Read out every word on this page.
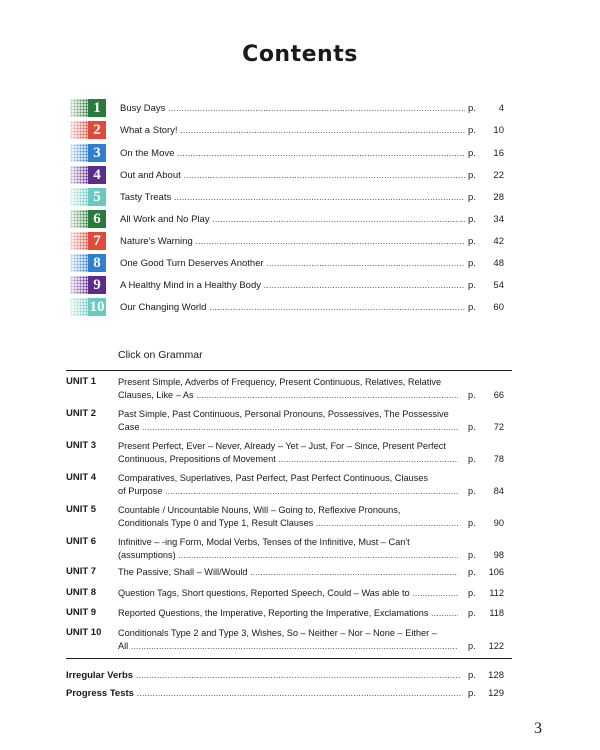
Contents
1	Busy Days .....	p. 4
2	What a Story! .....	p. 10
3	On the Move .....	p. 16
4	Out and About .....	p. 22
5	Tasty Treats .....	p. 28
6	All Work and No Play .....	p. 34
7	Nature's Warning .....	p. 42
8	One Good Turn Deserves Another .....	p. 48
9	A Healthy Mind in a Healthy Body .....	p. 54
10 Our Changing World .....	p. 60
Click on Grammar
UNIT 1 Present Simple, Adverbs of Frequency, Present Continuous, Relatives, Relative
Clauses, Like – As .....	p. 66
UNIT 2 Past Simple, Past Continuous, Personal Pronouns, Possessives, The Possessive
Case .....	p. 72
UNIT 3 Present Perfect, Ever – Never, Already – Yet – Just, For – Since, Present Perfect
Continuous, Prepositions of Movement .....	p. 78
UNIT 4 Comparatives, Superlatives, Past Perfect, Past Perfect Continuous, Clauses
of Purpose .....	p. 84
UNIT 5 Countable / Uncountable Nouns, Will – Going to, Reflexive Pronouns,
Conditionals Type 0 and Type 1, Result Clauses .....	p. 90
UNIT 6 Infinitive – -ing Form, Modal Verbs, Tenses of the Infinitive, Must – Can't
(assumptions) .....	p. 98
UNIT 7 The Passive, Shall – Will/Would .....	p. 106
UNIT 8 Question Tags, Short questions, Reported Speech, Could – Was able to .....	p. 112
UNIT 9 Reported Questions, the Imperative, Reporting the Imperative, Exclamations .....	p. 118
UNIT 10 Conditionals Type 2 and Type 3, Wishes, So – Neither – Nor – None – Either –
All .....	p. 122
Irregular Verbs .....	p. 128
Progress Tests .....	p. 129
3
